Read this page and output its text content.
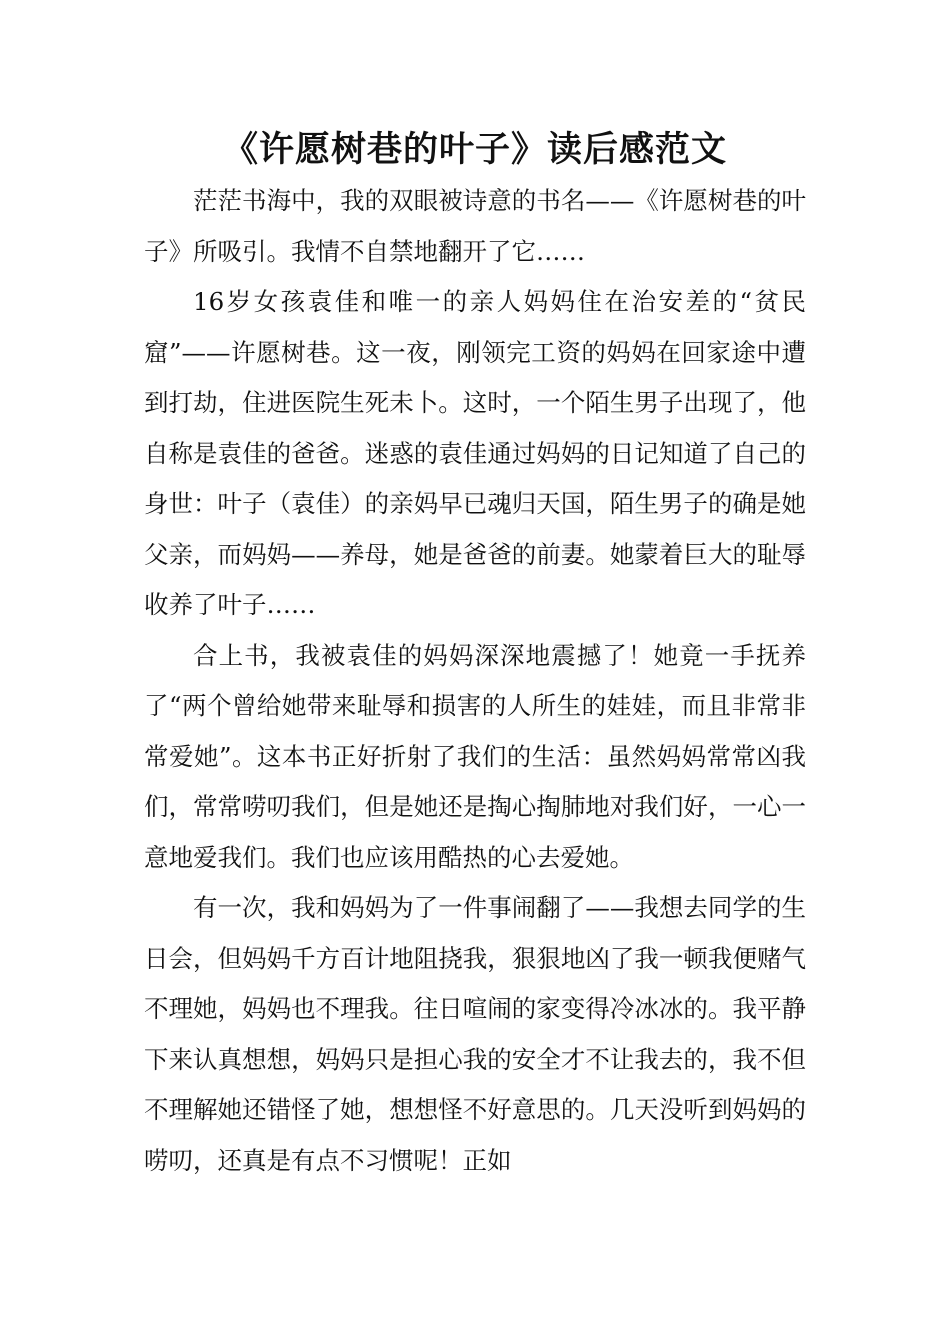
《许愿树巷的叶子》读后感范文

茫茫书海中，我的双眼被诗意的书名——《许愿树巷的叶子》所吸引。我情不自禁地翻开了它……

16岁女孩袁佳和唯一的亲人妈妈住在治安差的“贫民窟”——许愿树巷。这一夜，刚领完工资的妈妈在回家途中遭到打劫，住进医院生死未卜。这时，一个陌生男子出现了，他自称是袁佳的爸爸。迷惑的袁佳通过妈妈的日记知道了自己的身世：叶子（袁佳）的亲妈早已魂归天国，陌生男子的确是她父亲，而妈妈——养母，她是爸爸的前妻。她蒙着巨大的耻辱收养了叶子……

合上书，我被袁佳的妈妈深深地震撼了！她竟一手抚养了“两个曾给她带来耻辱和损害的人所生的娃娃，而且非常非常爱她”。这本书正好折射了我们的生活：虽然妈妈常常凶我们，常常唠叨我们，但是她还是掏心掏肺地对我们好，一心一意地爱我们。我们也应该用酷热的心去爱她。

有一次，我和妈妈为了一件事闹翻了——我想去同学的生日会，但妈妈千方百计地阻挠我，狠狠地凶了我一顿我便赌气不理她，妈妈也不理我。往日喧闹的家变得冷冰冰的。我平静下来认真想想，妈妈只是担心我的安全才不让我去的，我不但不理解她还错怪了她，想想怪不好意思的。几天没听到妈妈的唠叨，还真是有点不习惯呢！正如
